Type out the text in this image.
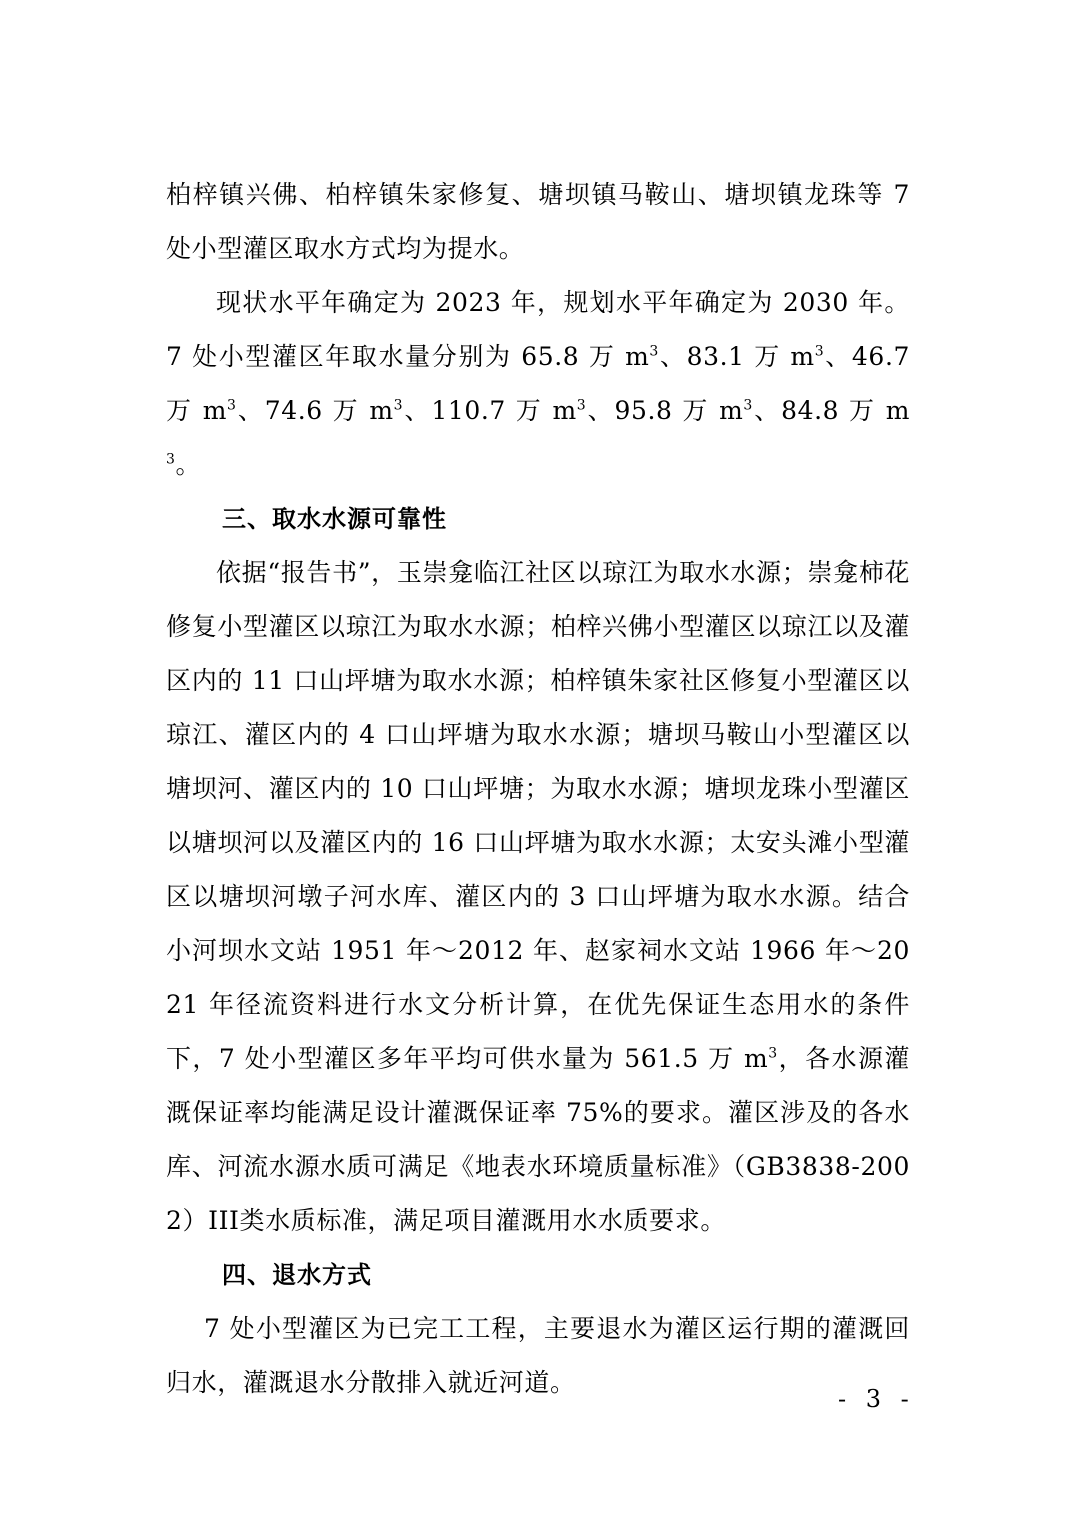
柏梓镇兴佛、柏梓镇朱家修复、塘坝镇马鞍山、塘坝镇龙珠等 7 处小型灌区取水方式均为提水。

现状水平年确定为 2023 年，规划水平年确定为 2030 年。7 处小型灌区年取水量分别为 65.8 万 $m^3$、83.1 万 $m^3$、46.7 万 $m^3$、74.6 万 $m^3$、110.7 万 $m^3$、95.8 万 $m^3$、84.8 万 $m^3$。

三、取水水源可靠性

依据“报告书”，玉崇龛临江社区以琼江为取水水源；崇龛柿花修复小型灌区以琼江为取水水源；柏梓兴佛小型灌区以琼江以及灌区内的 11 口山坪塘为取水水源；柏梓镇朱家社区修复小型灌区以琼江、灌区内的 4 口山坪塘为取水水源；塘坝马鞍山小型灌区以塘坝河、灌区内的 10 口山坪塘；为取水水源；塘坝龙珠小型灌区以塘坝河以及灌区内的 16 口山坪塘为取水水源；太安头滩小型灌区以塘坝河墩子河水库、灌区内的 3 口山坪塘为取水水源。结合小河坝水文站 1951 年～2012 年、赵家祠水文站 1966 年～2021 年径流资料进行水文分析计算，在优先保证生态用水的条件下，7 处小型灌区多年平均可供水量为 561.5 万 $m^3$，各水源灌溉保证率均能满足设计灌溉保证率 75%的要求。灌区涉及的各水库、河流水源水质可满足《地表水环境质量标准》（GB3838-2002）III类水质标准，满足项目灌溉用水水质要求。

四、退水方式

7 处小型灌区为已完工工程，主要退水为灌区运行期的灌溉回归水，灌溉退水分散排入就近河道。

- 3 -
